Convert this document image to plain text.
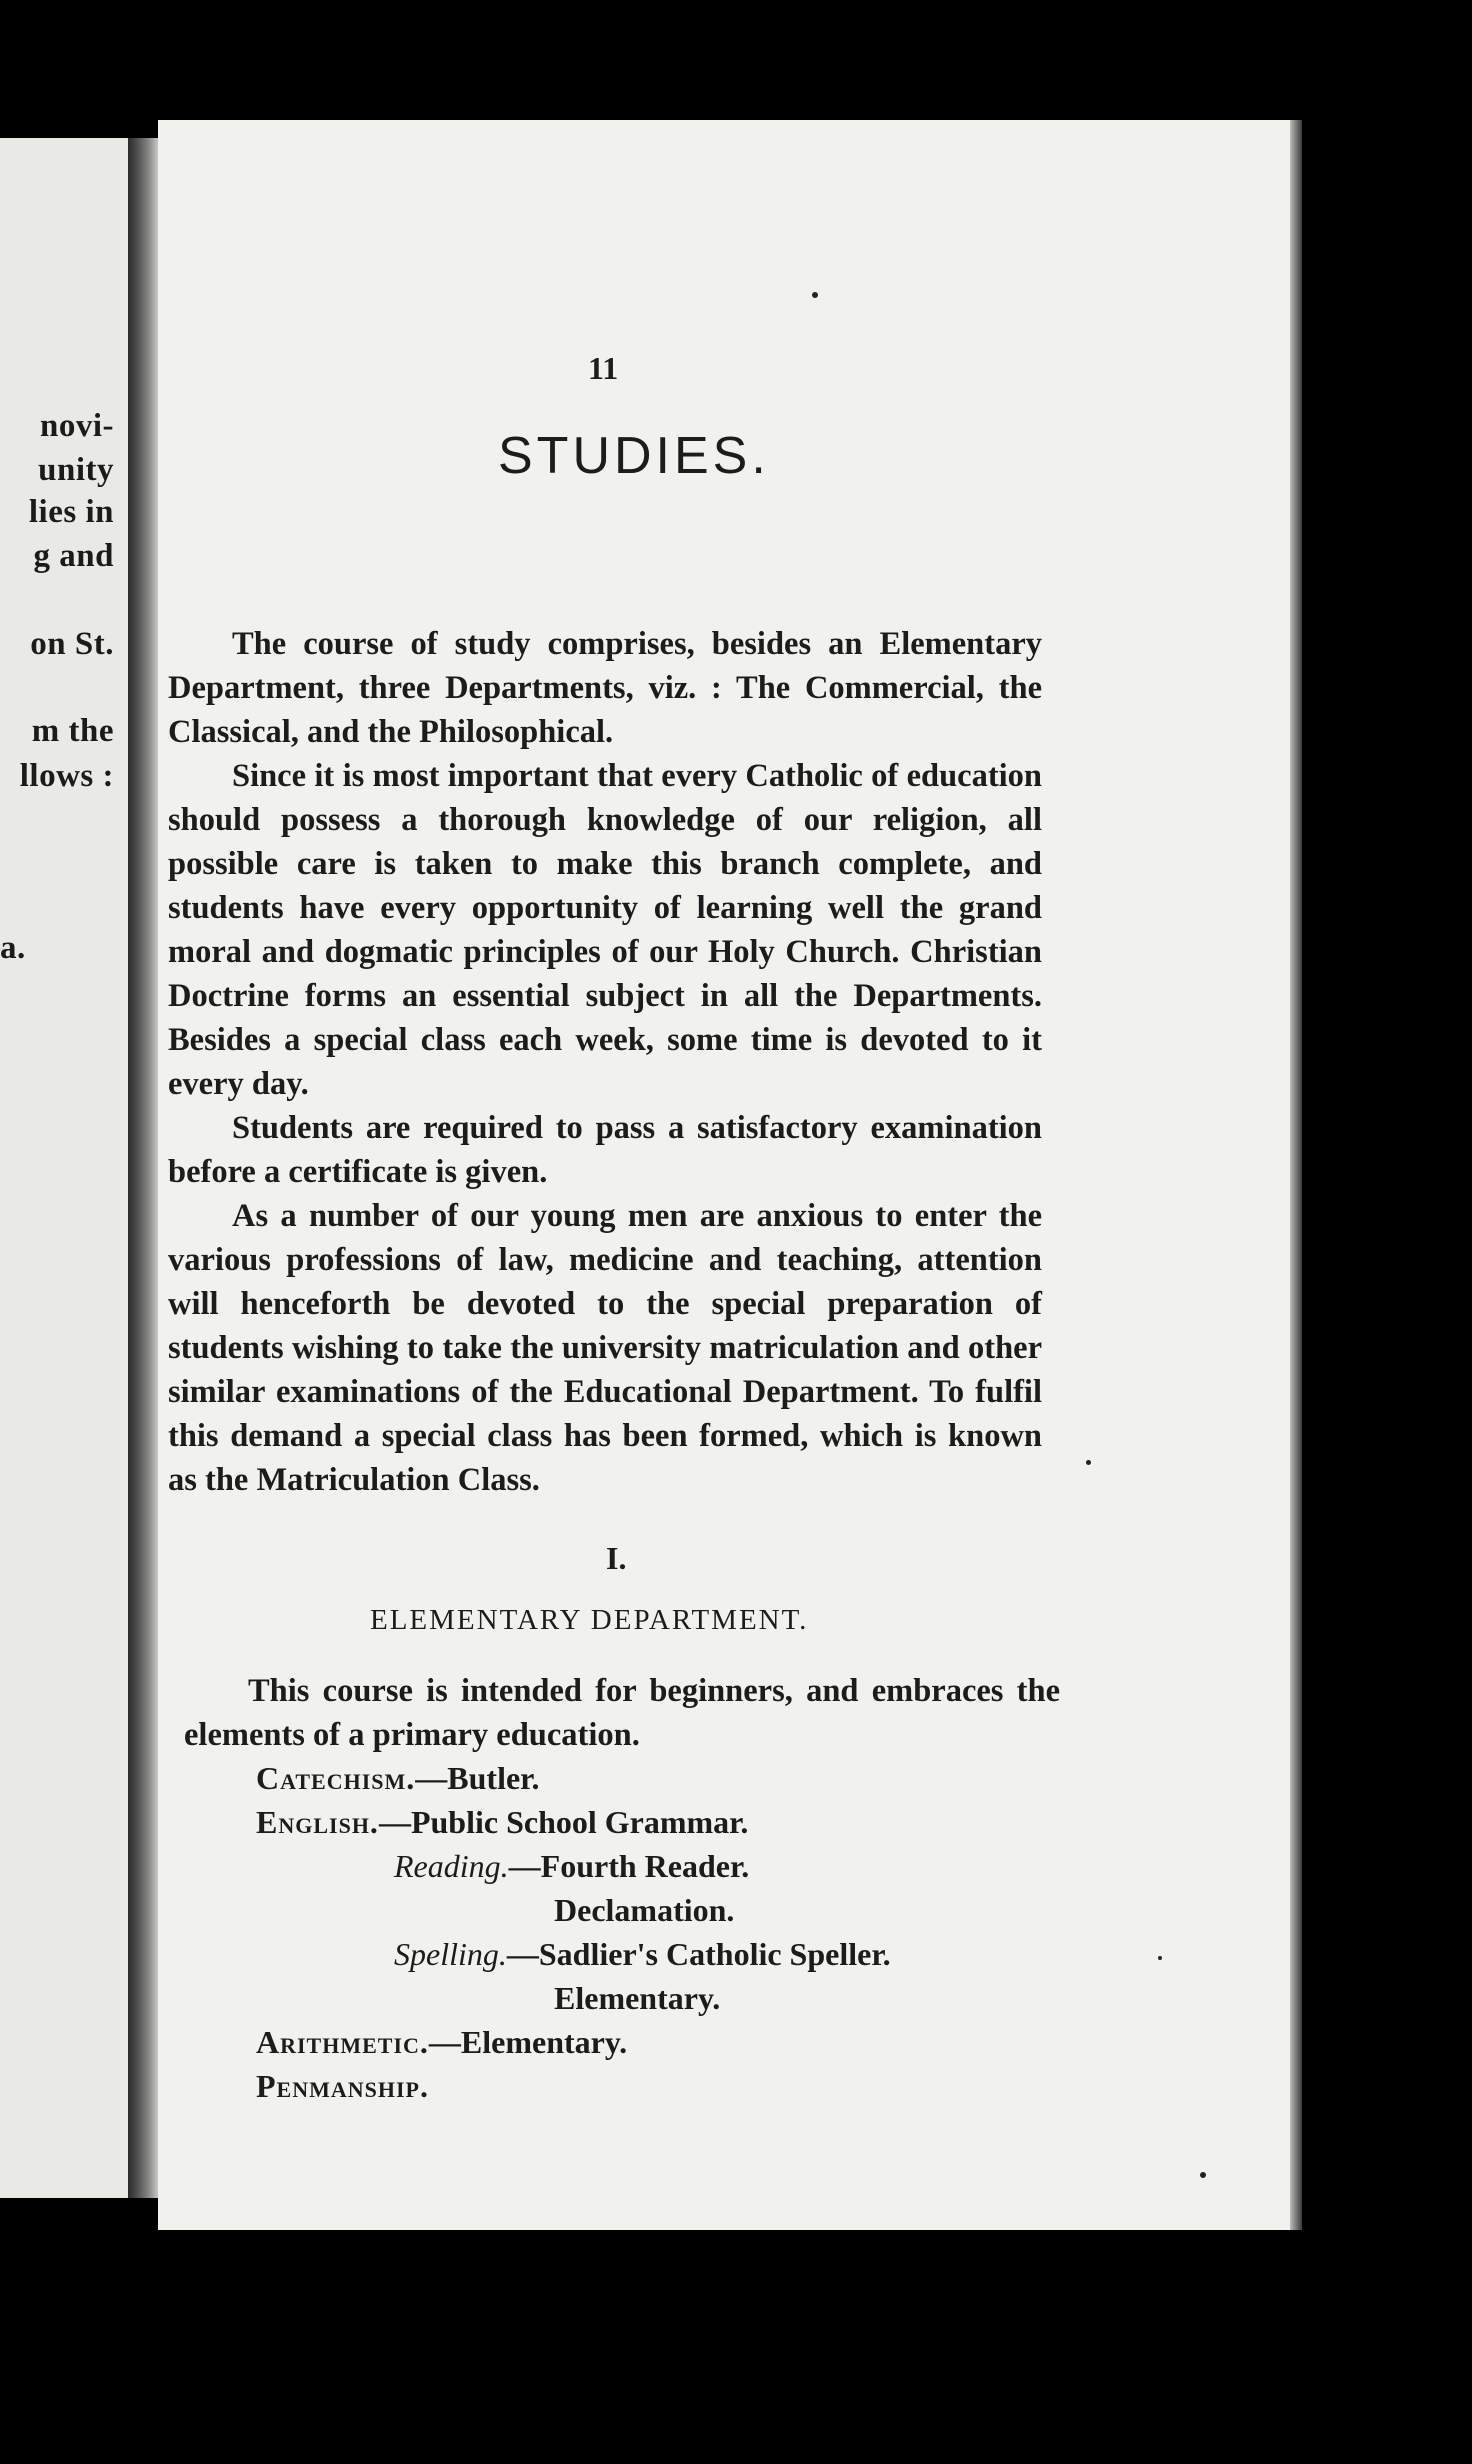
novi-
unity
lies in
g and
on St.
m the
llows :
a.
11
STUDIES.

The course of study comprises, besides an Elementary Department, three Departments, viz. : The Commercial, the Classical, and the Philosophical.

Since it is most important that every Catholic of education should possess a thorough knowledge of our religion, all possible care is taken to make this branch complete, and students have every opportunity of learning well the grand moral and dogmatic principles of our Holy Church. Christian Doctrine forms an essential subject in all the Departments. Besides a special class each week, some time is devoted to it every day.

Students are required to pass a satisfactory examination before a certificate is given.

As a number of our young men are anxious to enter the various professions of law, medicine and teaching, attention will henceforth be devoted to the special preparation of students wishing to take the university matriculation and other similar examinations of the Educational Department. To fulfil this demand a special class has been formed, which is known as the Matriculation Class.

I.
ELEMENTARY DEPARTMENT.

This course is intended for beginners, and embraces the elements of a primary education.

Catechism.—Butler.
English.—Public School Grammar.
Reading.—Fourth Reader.
Declamation.
Spelling.—Sadlier's Catholic Speller.
Elementary.
Arithmetic.—Elementary.
Penmanship.
